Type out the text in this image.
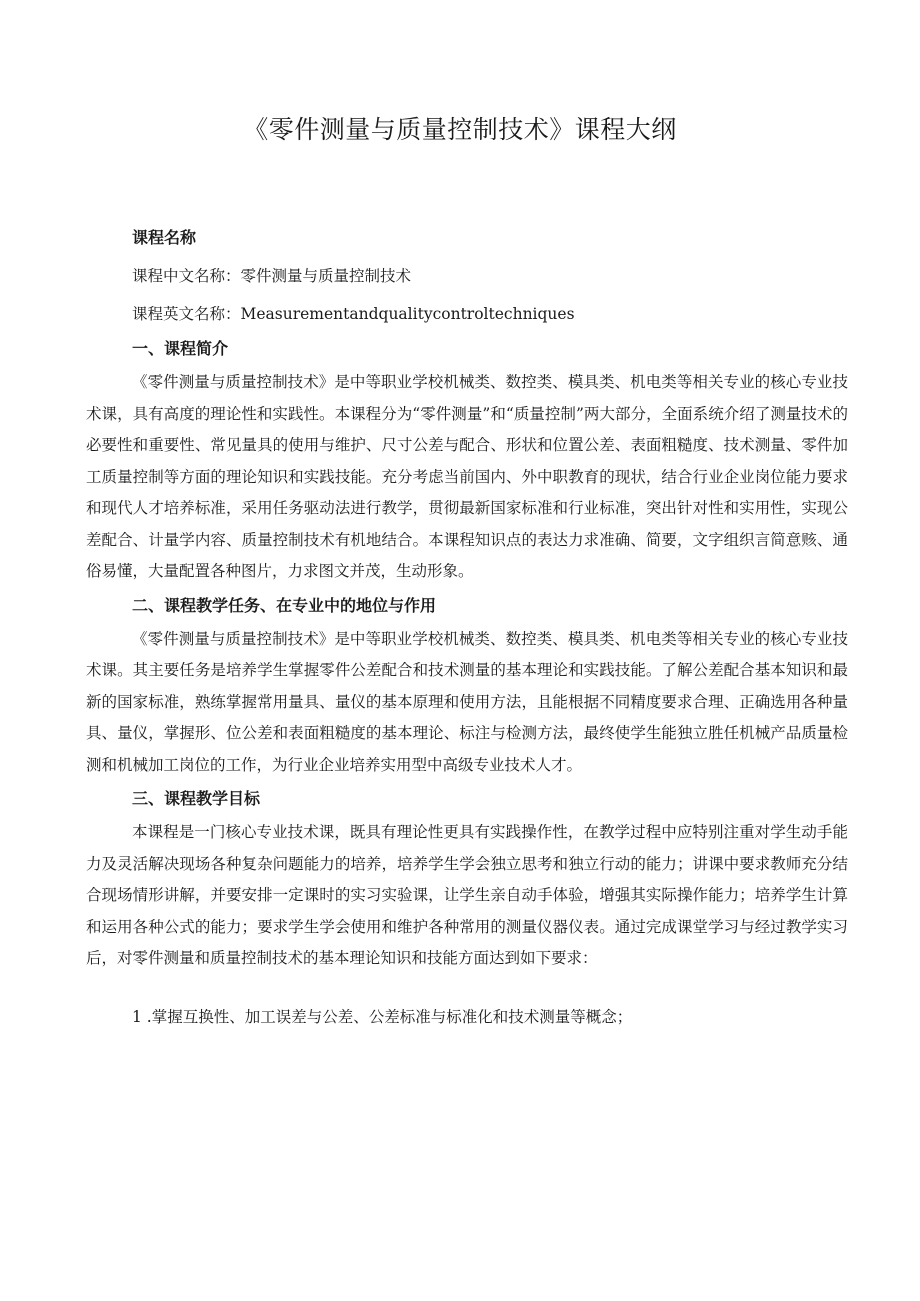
《零件测量与质量控制技术》课程大纲

课程名称

课程中文名称：零件测量与质量控制技术

课程英文名称：Measurementandqualitycontroltechniques

一、课程简介

《零件测量与质量控制技术》是中等职业学校机械类、数控类、模具类、机电类等相关专业的核心专业技术课，具有高度的理论性和实践性。本课程分为“零件测量”和“质量控制”两大部分，全面系统介绍了测量技术的必要性和重要性、常见量具的使用与维护、尺寸公差与配合、形状和位置公差、表面粗糙度、技术测量、零件加工质量控制等方面的理论知识和实践技能。充分考虑当前国内、外中职教育的现状，结合行业企业岗位能力要求和现代人才培养标准，采用任务驱动法进行教学，贯彻最新国家标准和行业标准，突出针对性和实用性，实现公差配合、计量学内容、质量控制技术有机地结合。本课程知识点的表达力求准确、简要，文字组织言简意赅、通俗易懂，大量配置各种图片，力求图文并茂，生动形象。

二、课程教学任务、在专业中的地位与作用

《零件测量与质量控制技术》是中等职业学校机械类、数控类、模具类、机电类等相关专业的核心专业技术课。其主要任务是培养学生掌握零件公差配合和技术测量的基本理论和实践技能。了解公差配合基本知识和最新的国家标准，熟练掌握常用量具、量仪的基本原理和使用方法，且能根据不同精度要求合理、正确选用各种量具、量仪，掌握形、位公差和表面粗糙度的基本理论、标注与检测方法，最终使学生能独立胜任机械产品质量检测和机械加工岗位的工作，为行业企业培养实用型中高级专业技术人才。

三、课程教学目标

本课程是一门核心专业技术课，既具有理论性更具有实践操作性，在教学过程中应特别注重对学生动手能力及灵活解决现场各种复杂问题能力的培养，培养学生学会独立思考和独立行动的能力；讲课中要求教师充分结合现场情形讲解，并要安排一定课时的实习实验课，让学生亲自动手体验，增强其实际操作能力；培养学生计算和运用各种公式的能力；要求学生学会使用和维护各种常用的测量仪器仪表。通过完成课堂学习与经过教学实习后，对零件测量和质量控制技术的基本理论知识和技能方面达到如下要求：

1 .掌握互换性、加工误差与公差、公差标准与标准化和技术测量等概念；
